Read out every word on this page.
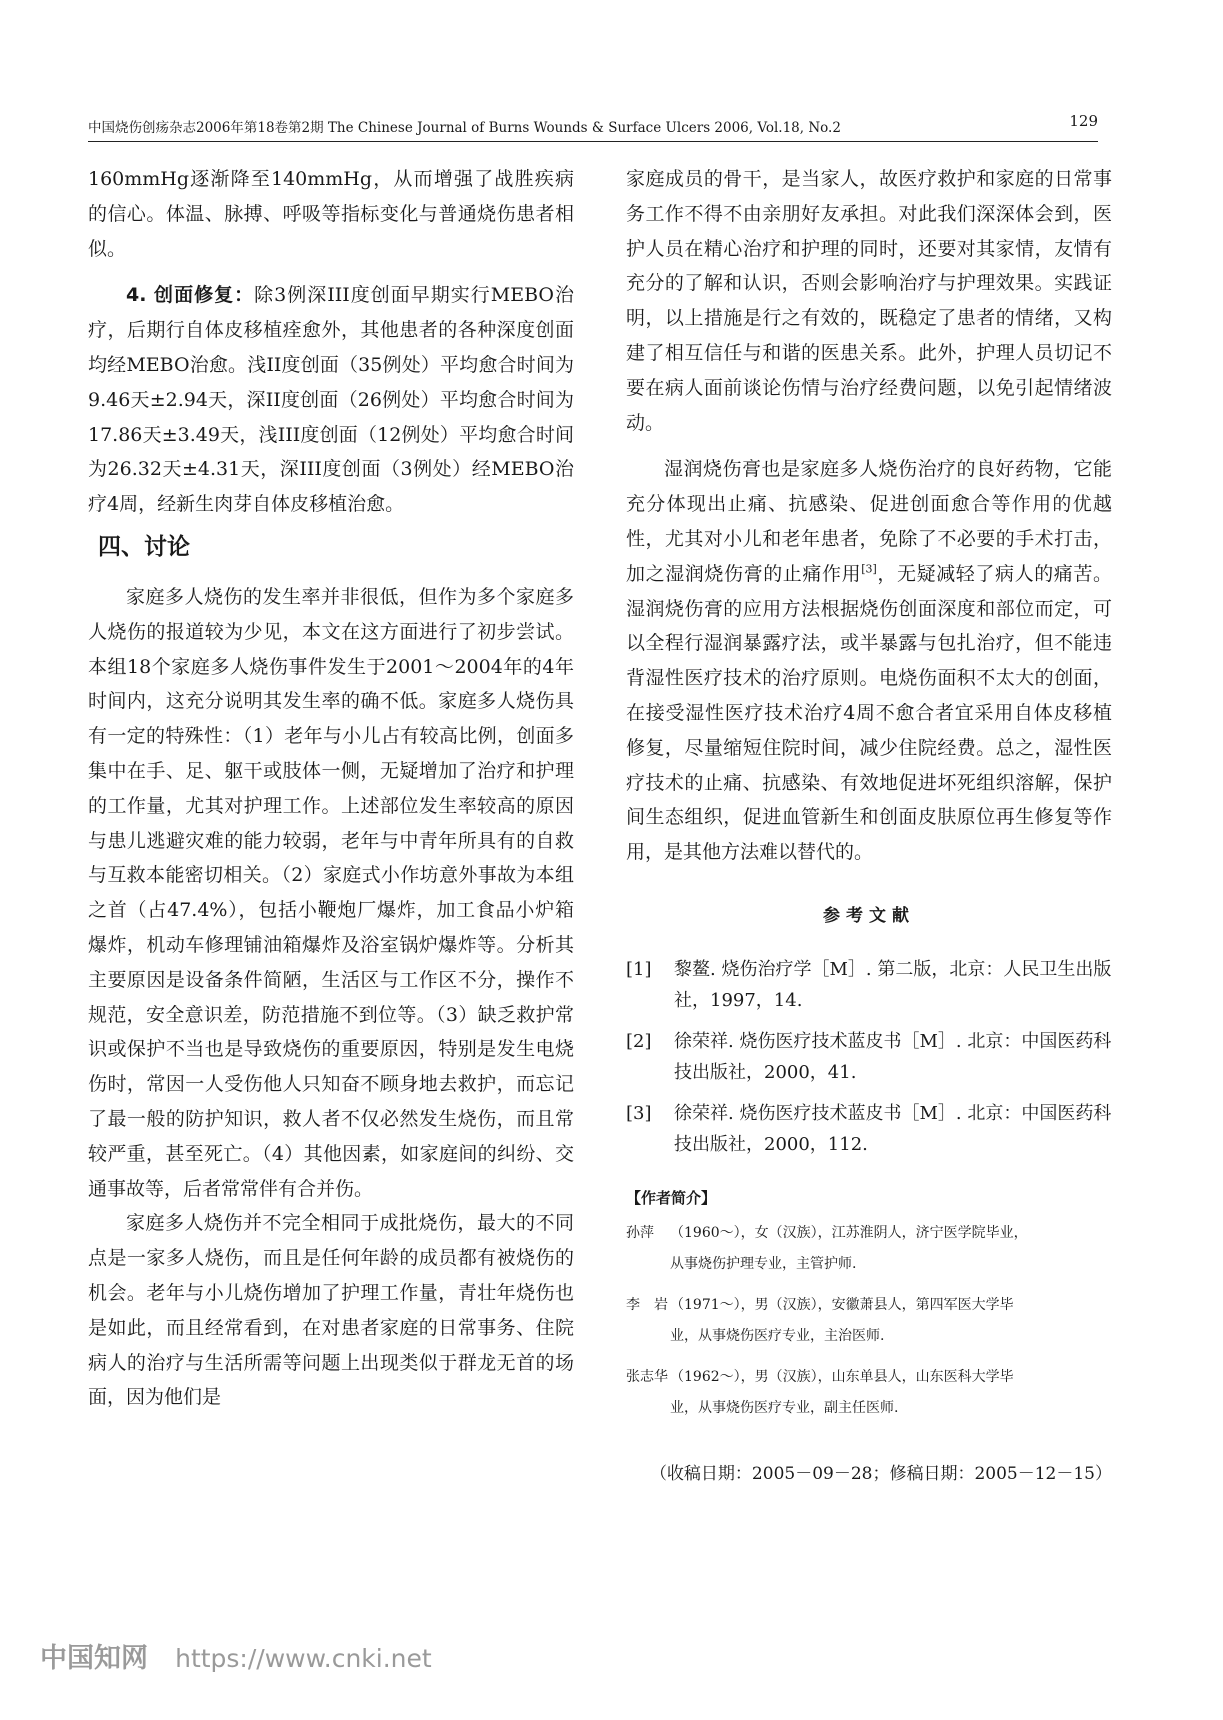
中国烧伤创疡杂志2006年第18卷第2期 The Chinese Journal of Burns Wounds & Surface Ulcers 2006, Vol.18, No.2	129

160mmHg逐渐降至140mmHg，从而增强了战胜疾病的信心。体温、脉搏、呼吸等指标变化与普通烧伤患者相似。

4. 创面修复：除3例深III度创面早期实行MEBO治疗，后期行自体皮移植痊愈外，其他患者的各种深度创面均经MEBO治愈。浅II度创面（35例处）平均愈合时间为9.46天±2.94天，深II度创面（26例处）平均愈合时间为17.86天±3.49天，浅III度创面（12例处）平均愈合时间为26.32天±4.31天，深III度创面（3例处）经MEBO治疗4周，经新生肉芽自体皮移植治愈。

四、讨论

家庭多人烧伤的发生率并非很低，但作为多个家庭多人烧伤的报道较为少见，本文在这方面进行了初步尝试。本组18个家庭多人烧伤事件发生于2001～2004年的4年时间内，这充分说明其发生率的确不低。家庭多人烧伤具有一定的特殊性：（1）老年与小儿占有较高比例，创面多集中在手、足、躯干或肢体一侧，无疑增加了治疗和护理的工作量，尤其对护理工作。上述部位发生率较高的原因与患儿逃避灾难的能力较弱，老年与中青年所具有的自救与互救本能密切相关。（2）家庭式小作坊意外事故为本组之首（占47.4%），包括小鞭炮厂爆炸，加工食品小炉箱爆炸，机动车修理铺油箱爆炸及浴室锅炉爆炸等。分析其主要原因是设备条件简陋，生活区与工作区不分，操作不规范，安全意识差，防范措施不到位等。（3）缺乏救护常识或保护不当也是导致烧伤的重要原因，特别是发生电烧伤时，常因一人受伤他人只知奋不顾身地去救护，而忘记了最一般的防护知识，救人者不仅必然发生烧伤，而且常较严重，甚至死亡。（4）其他因素，如家庭间的纠纷、交通事故等，后者常常伴有合并伤。

家庭多人烧伤并不完全相同于成批烧伤，最大的不同点是一家多人烧伤，而且是任何年龄的成员都有被烧伤的机会。老年与小儿烧伤增加了护理工作量，青壮年烧伤也是如此，而且经常看到，在对患者家庭的日常事务、住院病人的治疗与生活所需等问题上出现类似于群龙无首的场面，因为他们是

家庭成员的骨干，是当家人，故医疗救护和家庭的日常事务工作不得不由亲朋好友承担。对此我们深深体会到，医护人员在精心治疗和护理的同时，还要对其家情，友情有充分的了解和认识，否则会影响治疗与护理效果。实践证明，以上措施是行之有效的，既稳定了患者的情绪，又构建了相互信任与和谐的医患关系。此外，护理人员切记不要在病人面前谈论伤情与治疗经费问题，以免引起情绪波动。

湿润烧伤膏也是家庭多人烧伤治疗的良好药物，它能充分体现出止痛、抗感染、促进创面愈合等作用的优越性，尤其对小儿和老年患者，免除了不必要的手术打击，加之湿润烧伤膏的止痛作用[3]，无疑减轻了病人的痛苦。湿润烧伤膏的应用方法根据烧伤创面深度和部位而定，可以全程行湿润暴露疗法，或半暴露与包扎治疗，但不能违背湿性医疗技术的治疗原则。电烧伤面积不太大的创面，在接受湿性医疗技术治疗4周不愈合者宜采用自体皮移植修复，尽量缩短住院时间，减少住院经费。总之，湿性医疗技术的止痛、抗感染、有效地促进坏死组织溶解，保护间生态组织，促进血管新生和创面皮肤原位再生修复等作用，是其他方法难以替代的。

参考文献
[1] 黎鳌. 烧伤治疗学［M］. 第二版，北京：人民卫生出版社，1997，14.
[2] 徐荣祥. 烧伤医疗技术蓝皮书［M］. 北京：中国医药科技出版社，2000，41.
[3] 徐荣祥. 烧伤医疗技术蓝皮书［M］. 北京：中国医药科技出版社，2000，112.
【作者简介】
孙萍 （1960～），女（汉族），江苏淮阴人，济宁医学院毕业，
从事烧伤护理专业，主管护师.
李　岩 （1971～），男（汉族），安徽萧县人，第四军医大学毕
业，从事烧伤医疗专业，主治医师.
张志华 （1962～），男（汉族），山东单县人，山东医科大学毕
业，从事烧伤医疗专业，副主任医师.
（收稿日期：2005－09－28；修稿日期：2005－12－15）
中国知网 https://www.cnki.net
